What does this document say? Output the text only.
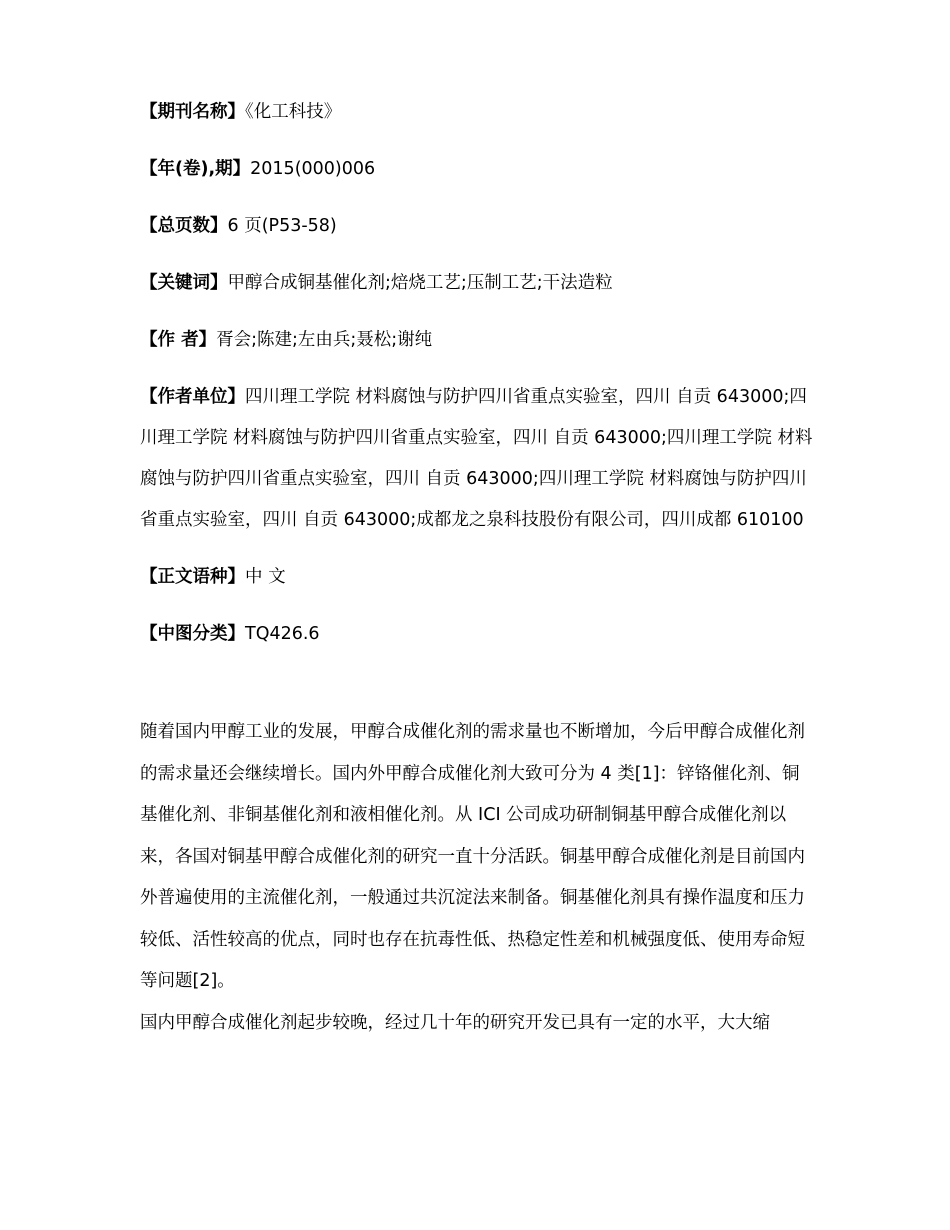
【期刊名称】《化工科技》
【年(卷),期】2015(000)006
【总页数】6 页(P53-58)
【关键词】甲醇合成铜基催化剂;焙烧工艺;压制工艺;干法造粒
【作 者】胥会;陈建;左由兵;聂松;谢纯
【作者单位】四川理工学院 材料腐蚀与防护四川省重点实验室，四川 自贡 643000;四川理工学院 材料腐蚀与防护四川省重点实验室，四川 自贡 643000;四川理工学院 材料腐蚀与防护四川省重点实验室，四川 自贡 643000;四川理工学院 材料腐蚀与防护四川省重点实验室，四川 自贡 643000;成都龙之泉科技股份有限公司，四川成都 610100
【正文语种】中 文
【中图分类】TQ426.6

随着国内甲醇工业的发展，甲醇合成催化剂的需求量也不断增加，今后甲醇合成催化剂的需求量还会继续增长。国内外甲醇合成催化剂大致可分为 4 类[1]：锌铬催化剂、铜基催化剂、非铜基催化剂和液相催化剂。从 ICI 公司成功研制铜基甲醇合成催化剂以来，各国对铜基甲醇合成催化剂的研究一直十分活跃。铜基甲醇合成催化剂是目前国内外普遍使用的主流催化剂，一般通过共沉淀法来制备。铜基催化剂具有操作温度和压力较低、活性较高的优点，同时也存在抗毒性低、热稳定性差和机械强度低、使用寿命短等问题[2]。

国内甲醇合成催化剂起步较晚，经过几十年的研究开发已具有一定的水平，大大缩
